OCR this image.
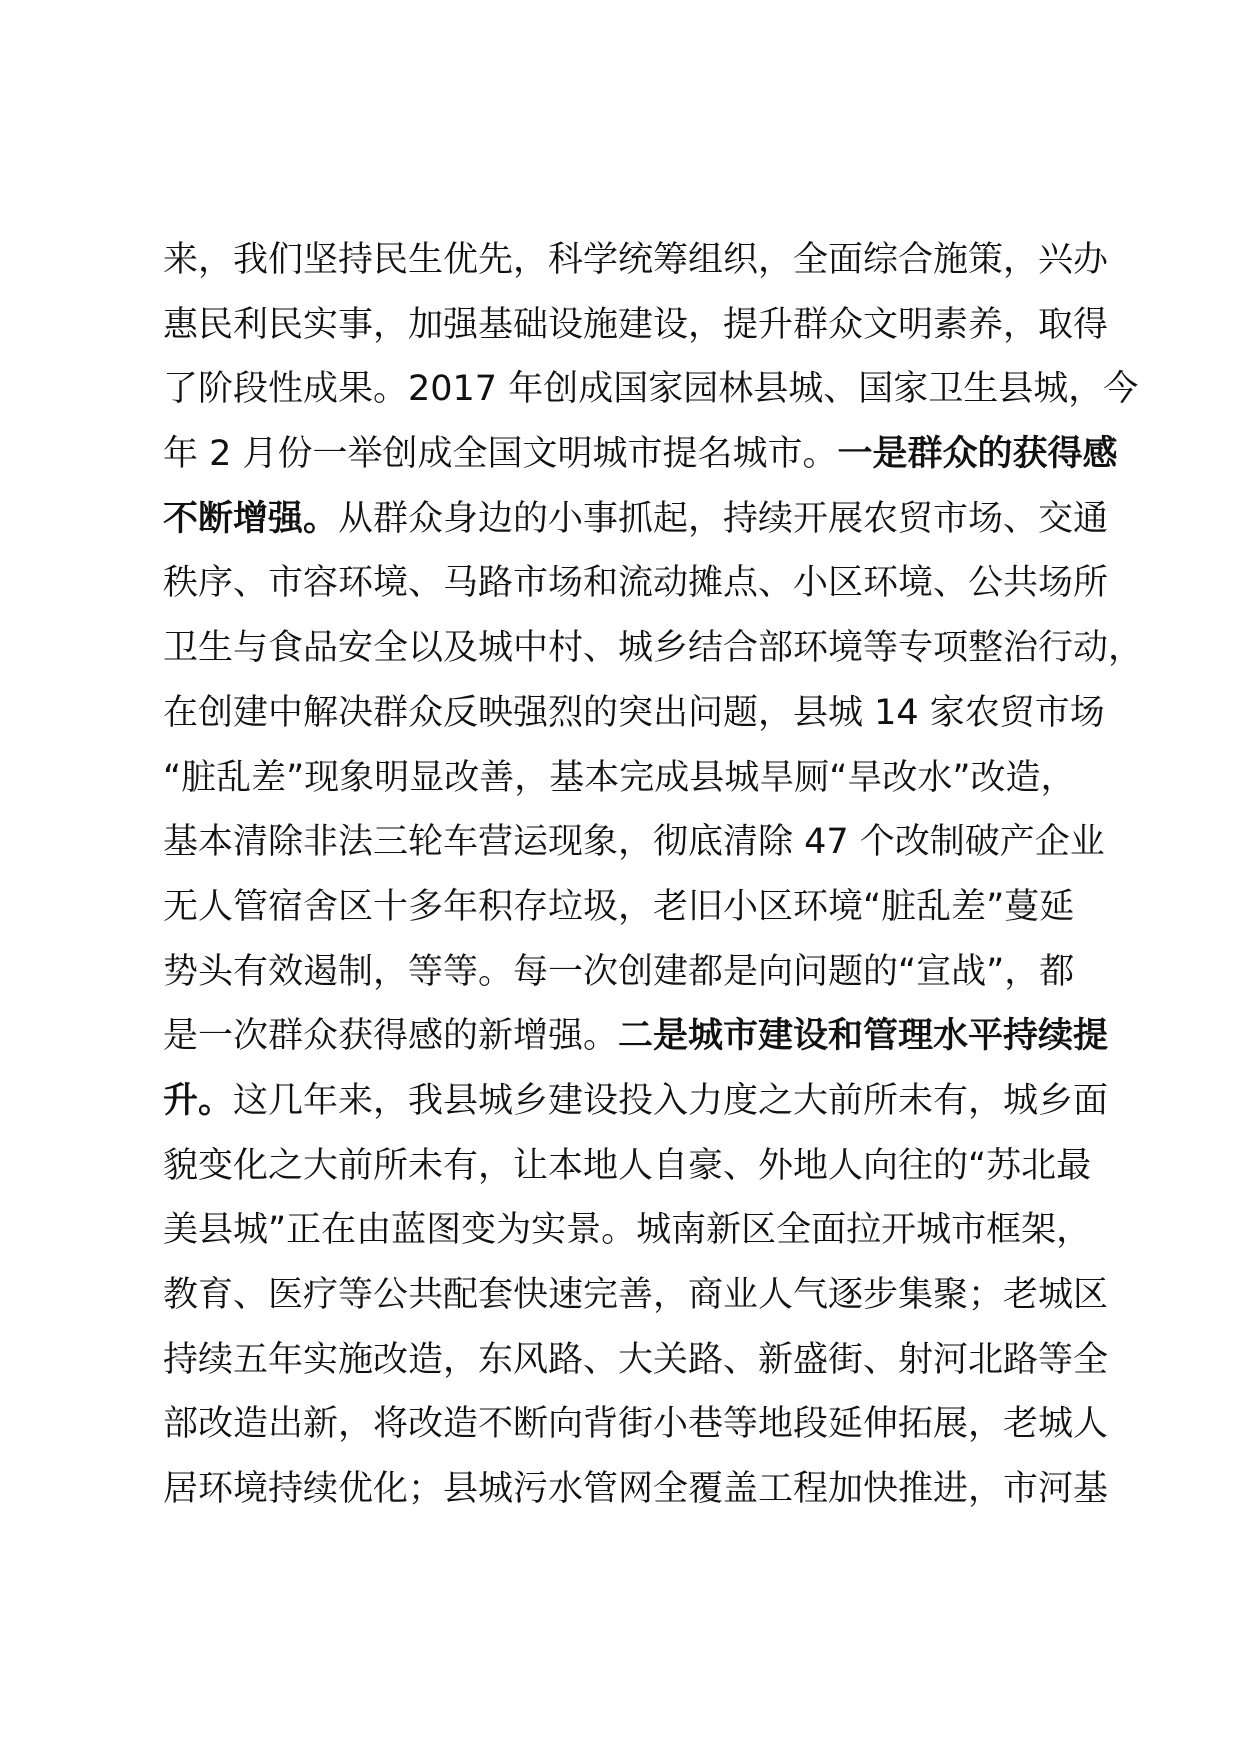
来，我们坚持民生优先，科学统筹组织，全面综合施策，兴办
惠民利民实事，加强基础设施建设，提升群众文明素养，取得
了阶段性成果。2017 年创成国家园林县城、国家卫生县城，今
年 2 月份一举创成全国文明城市提名城市。一是群众的获得感
不断增强。从群众身边的小事抓起，持续开展农贸市场、交通
秩序、市容环境、马路市场和流动摊点、小区环境、公共场所
卫生与食品安全以及城中村、城乡结合部环境等专项整治行动，
在创建中解决群众反映强烈的突出问题，县城 14 家农贸市场
“脏乱差”现象明显改善，基本完成县城旱厕“旱改水”改造，
基本清除非法三轮车营运现象，彻底清除 47 个改制破产企业
无人管宿舍区十多年积存垃圾，老旧小区环境“脏乱差”蔓延
势头有效遏制，等等。每一次创建都是向问题的“宣战”，都
是一次群众获得感的新增强。二是城市建设和管理水平持续提
升。这几年来，我县城乡建设投入力度之大前所未有，城乡面
貌变化之大前所未有，让本地人自豪、外地人向往的“苏北最
美县城”正在由蓝图变为实景。城南新区全面拉开城市框架，
教育、医疗等公共配套快速完善，商业人气逐步集聚；老城区
持续五年实施改造，东风路、大关路、新盛街、射河北路等全
部改造出新，将改造不断向背街小巷等地段延伸拓展，老城人
居环境持续优化；县城污水管网全覆盖工程加快推进，市河基
